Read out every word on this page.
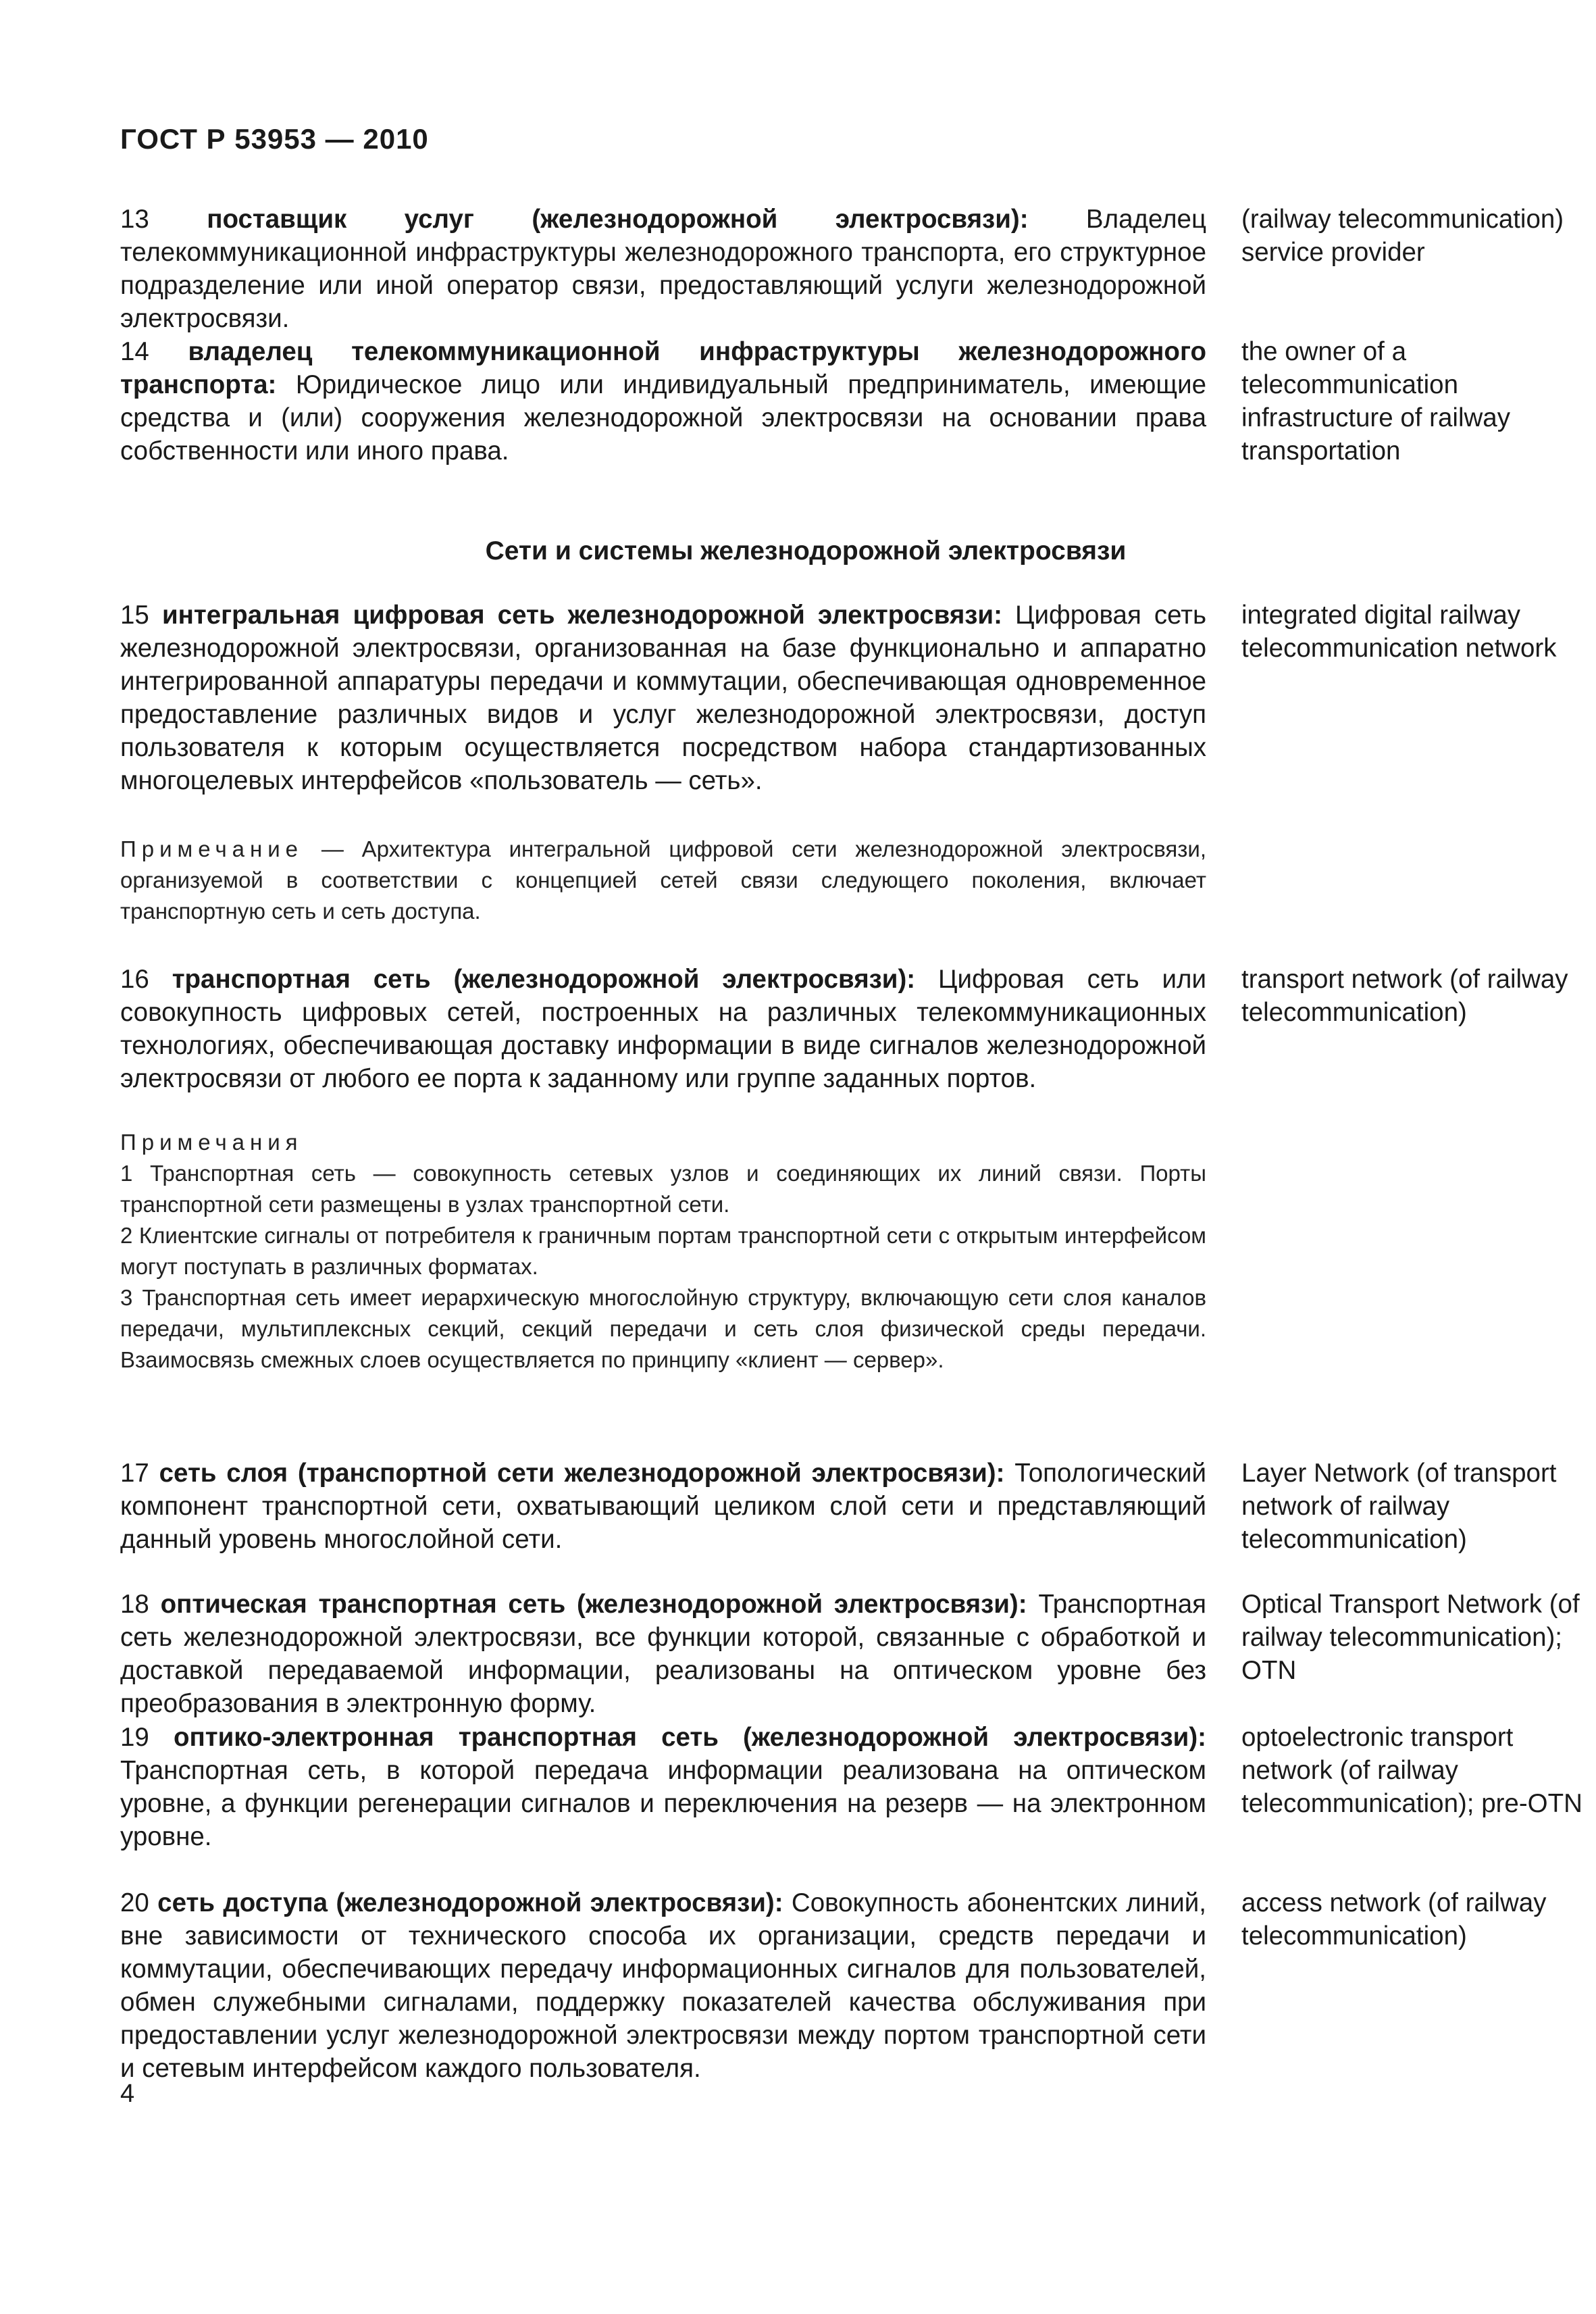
ГОСТ Р 53953 — 2010
13 поставщик услуг (железнодорожной электросвязи): Владелец телекоммуникационной инфраструктуры железнодорожного транспорта, его структурное подразделение или иной оператор связи, предоставляющий услуги железнодорожной электросвязи.
(railway telecommunication) service provider
14 владелец телекоммуникационной инфраструктуры железнодорожного транспорта: Юридическое лицо или индивидуальный предприниматель, имеющие средства и (или) сооружения железнодорожной электросвязи на основании права собственности или иного права.
the owner of a telecommunication infrastructure of railway transportation
Сети и системы железнодорожной электросвязи
15 интегральная цифровая сеть железнодорожной электросвязи: Цифровая сеть железнодорожной электросвязи, организованная на базе функционально и аппаратно интегрированной аппаратуры передачи и коммутации, обеспечивающая одновременное предоставление различных видов и услуг железнодорожной электросвязи, доступ пользователя к которым осуществляется посредством набора стандартизованных многоцелевых интерфейсов «пользователь — сеть».
integrated digital railway telecommunication network
Примечание — Архитектура интегральной цифровой сети железнодорожной электросвязи, организуемой в соответствии с концепцией сетей связи следующего поколения, включает транспортную сеть и сеть доступа.
16 транспортная сеть (железнодорожной электросвязи): Цифровая сеть или совокупность цифровых сетей, построенных на различных телекоммуникационных технологиях, обеспечивающая доставку информации в виде сигналов железнодорожной электросвязи от любого ее порта к заданному или группе заданных портов.
transport network (of railway telecommunication)

Примечания

1 Транспортная сеть — совокупность сетевых узлов и соединяющих их линий связи. Порты транспортной сети размещены в узлах транспортной сети.

2 Клиентские сигналы от потребителя к граничным портам транспортной сети с открытым интерфейсом могут поступать в различных форматах.

3 Транспортная сеть имеет иерархическую многослойную структуру, включающую сети слоя каналов передачи, мультиплексных секций, секций передачи и сеть слоя физической среды передачи. Взаимосвязь смежных слоев осуществляется по принципу «клиент — сервер».

17 сеть слоя (транспортной сети железнодорожной электросвязи): Топологический компонент транспортной сети, охватывающий целиком слой сети и представляющий данный уровень многослойной сети.
Layer Network (of transport network of railway telecommunication)
18 оптическая транспортная сеть (железнодорожной электросвязи): Транспортная сеть железнодорожной электросвязи, все функции которой, связанные с обработкой и доставкой передаваемой информации, реализованы на оптическом уровне без преобразования в электронную форму.
Optical Transport Network (of railway telecommunication); OTN
19 оптико-электронная транспортная сеть (железнодорожной электросвязи): Транспортная сеть, в которой передача информации реализована на оптическом уровне, а функции регенерации сигналов и переключения на резерв — на электронном уровне.
optoelectronic transport network (of railway telecommunication); pre-OTN
20 сеть доступа (железнодорожной электросвязи): Совокупность абонентских линий, вне зависимости от технического способа их организации, средств передачи и коммутации, обеспечивающих передачу информационных сигналов для пользователей, обмен служебными сигналами, поддержку показателей качества обслуживания при предоставлении услуг железнодорожной электросвязи между портом транспортной сети и сетевым интерфейсом каждого пользователя.
access network (of railway telecommunication)
4
